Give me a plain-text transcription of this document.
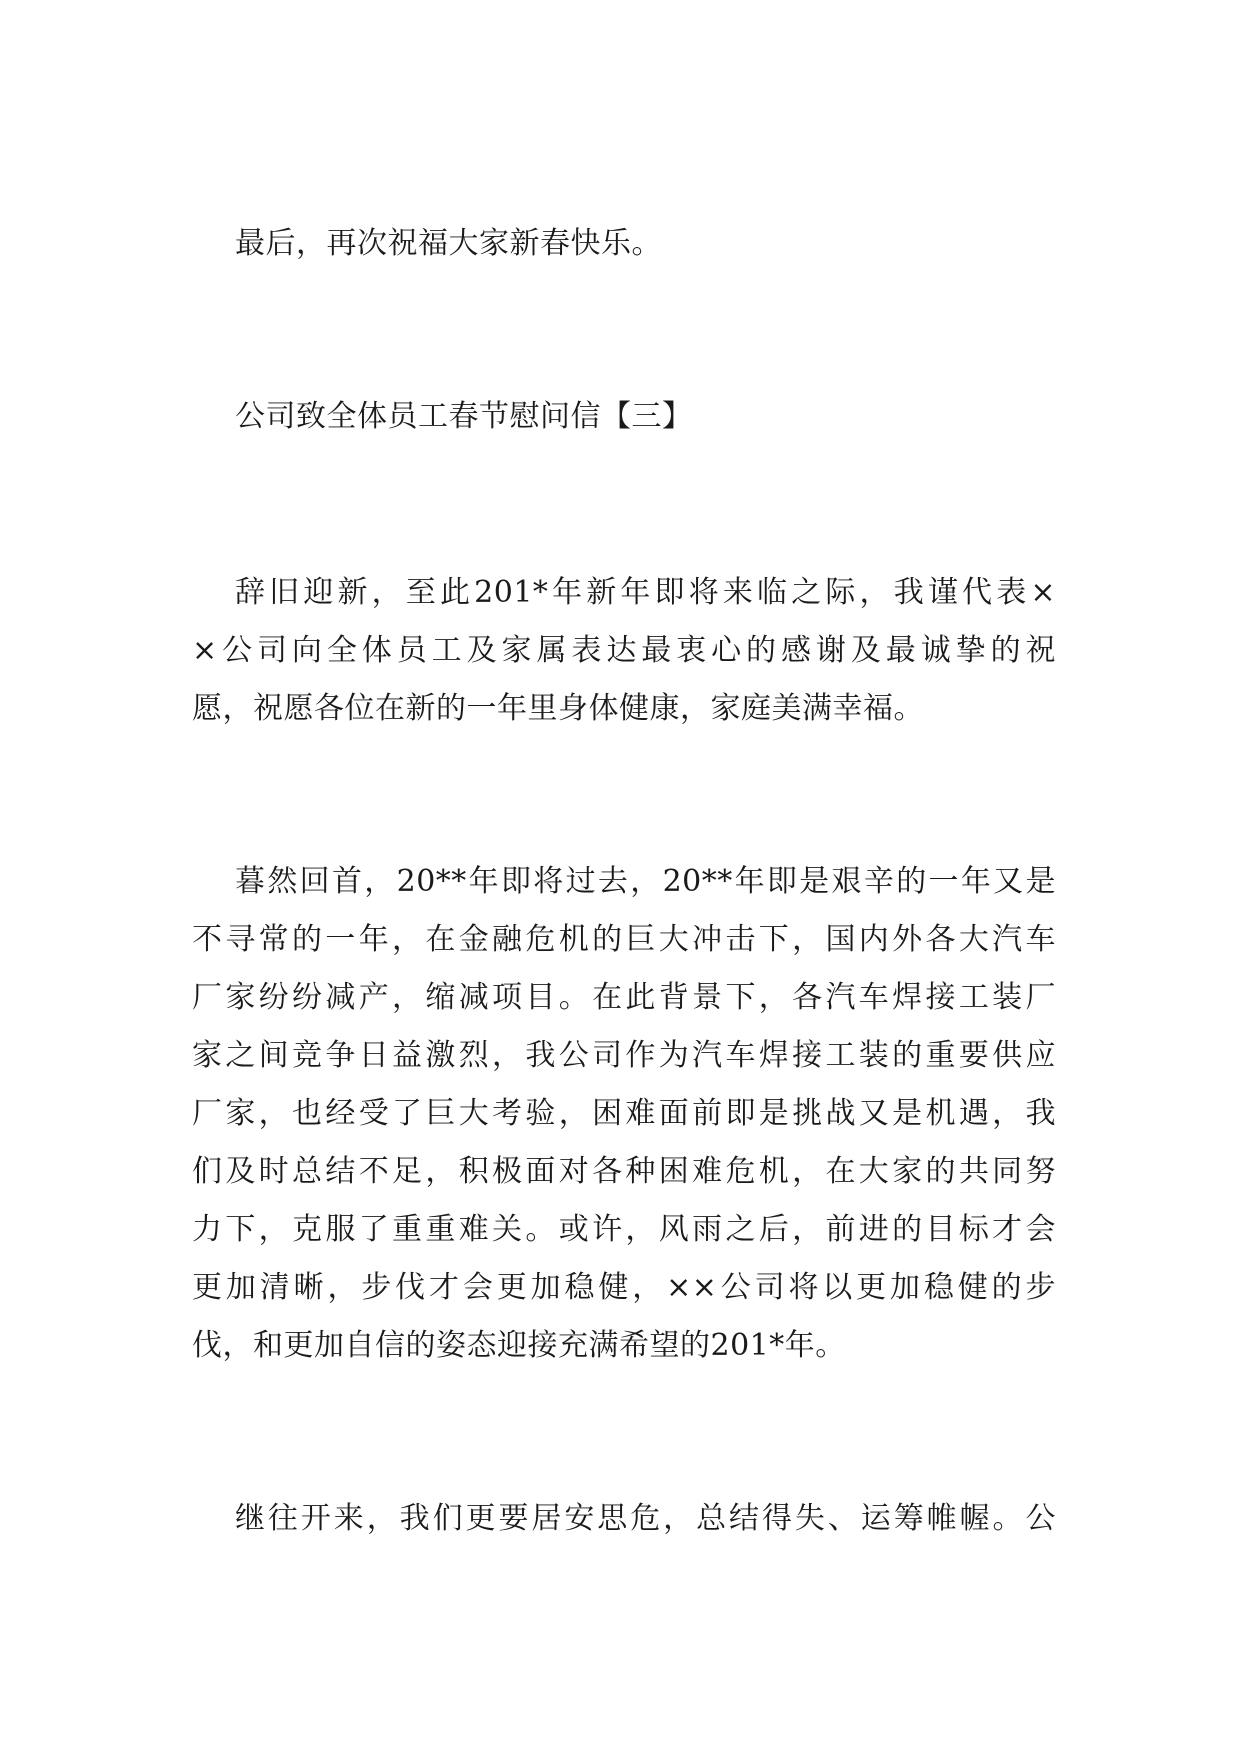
最后，再次祝福大家新春快乐。
公司致全体员工春节慰问信【三】
辞旧迎新，至此201*年新年即将来临之际，我谨代表×
×公司向全体员工及家属表达最衷心的感谢及最诚挚的祝
愿，祝愿各位在新的一年里身体健康，家庭美满幸福。
暮然回首，20**年即将过去，20**年即是艰辛的一年又是
不寻常的一年，在金融危机的巨大冲击下，国内外各大汽车
厂家纷纷减产，缩减项目。在此背景下，各汽车焊接工装厂
家之间竞争日益激烈，我公司作为汽车焊接工装的重要供应
厂家，也经受了巨大考验，困难面前即是挑战又是机遇，我
们及时总结不足，积极面对各种困难危机，在大家的共同努
力下，克服了重重难关。或许，风雨之后，前进的目标才会
更加清晰，步伐才会更加稳健，××公司将以更加稳健的步
伐，和更加自信的姿态迎接充满希望的201*年。
继往开来，我们更要居安思危，总结得失、运筹帷幄。公
